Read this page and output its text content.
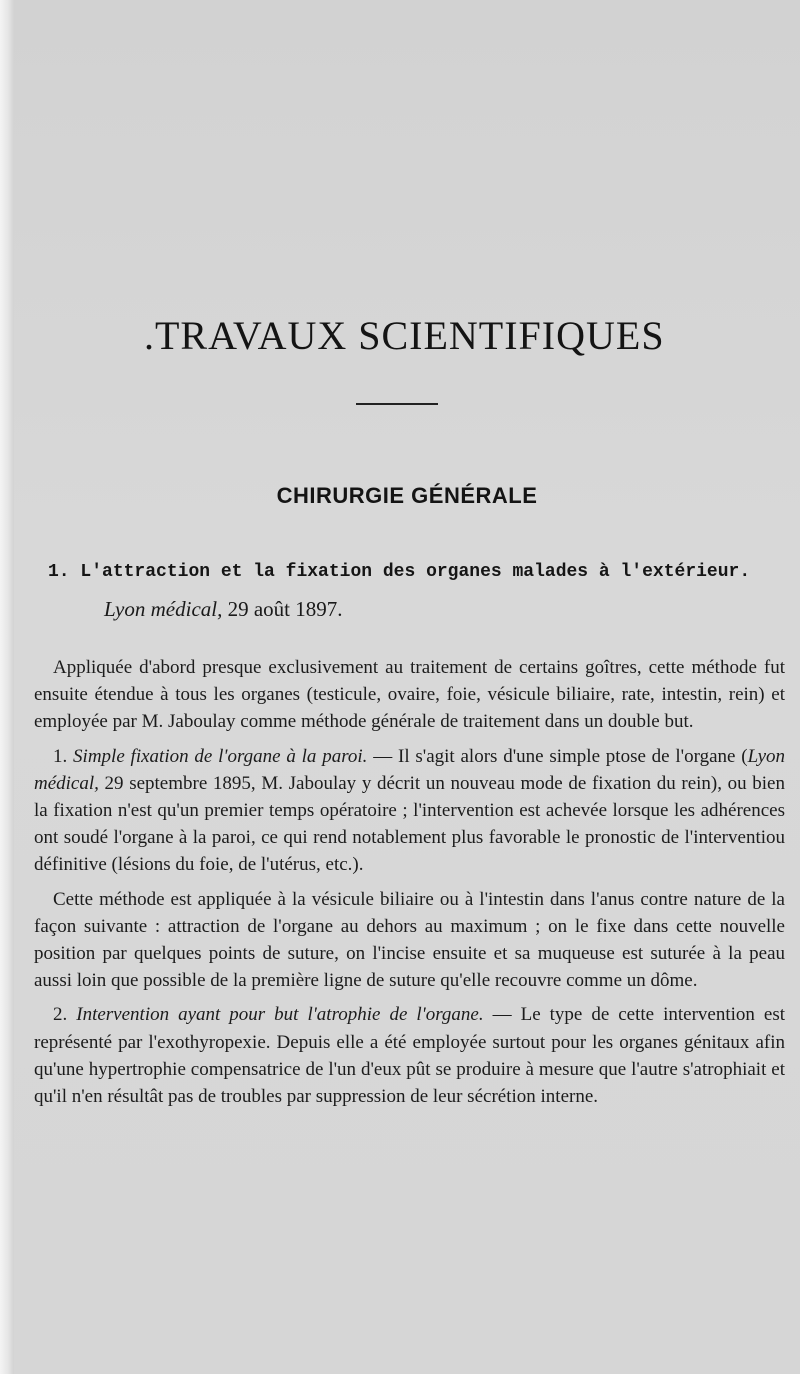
.TRAVAUX SCIENTIFIQUES
CHIRURGIE GÉNÉRALE
1. L'attraction et la fixation des organes malades à l'extérieur.
Lyon médical, 29 août 1897.

Appliquée d'abord presque exclusivement au traitement de certains goîtres, cette méthode fut ensuite étendue à tous les organes (testicule, ovaire, foie, vésicule biliaire, rate, intestin, rein) et employée par M. Jaboulay comme méthode générale de traitement dans un double but.

1. Simple fixation de l'organe à la paroi. — Il s'agit alors d'une simple ptose de l'organe (Lyon médical, 29 septembre 1895, M. Jaboulay y décrit un nouveau mode de fixation du rein), ou bien la fixation n'est qu'un premier temps opératoire ; l'intervention est achevée lorsque les adhérences ont soudé l'organe à la paroi, ce qui rend notablement plus favorable le pronostic de l'interventiou définitive (lésions du foie, de l'utérus, etc.).

Cette méthode est appliquée à la vésicule biliaire ou à l'intestin dans l'anus contre nature de la façon suivante : attraction de l'organe au dehors au maximum ; on le fixe dans cette nouvelle position par quelques points de suture, on l'incise ensuite et sa muqueuse est suturée à la peau aussi loin que possible de la première ligne de suture qu'elle recouvre comme un dôme.

2. Intervention ayant pour but l'atrophie de l'organe. — Le type de cette intervention est représenté par l'exothyropexie. Depuis elle a été employée surtout pour les organes génitaux afin qu'une hypertrophie compensatrice de l'un d'eux pût se produire à mesure que l'autre s'atrophiait et qu'il n'en résultât pas de troubles par suppression de leur sécrétion interne.
